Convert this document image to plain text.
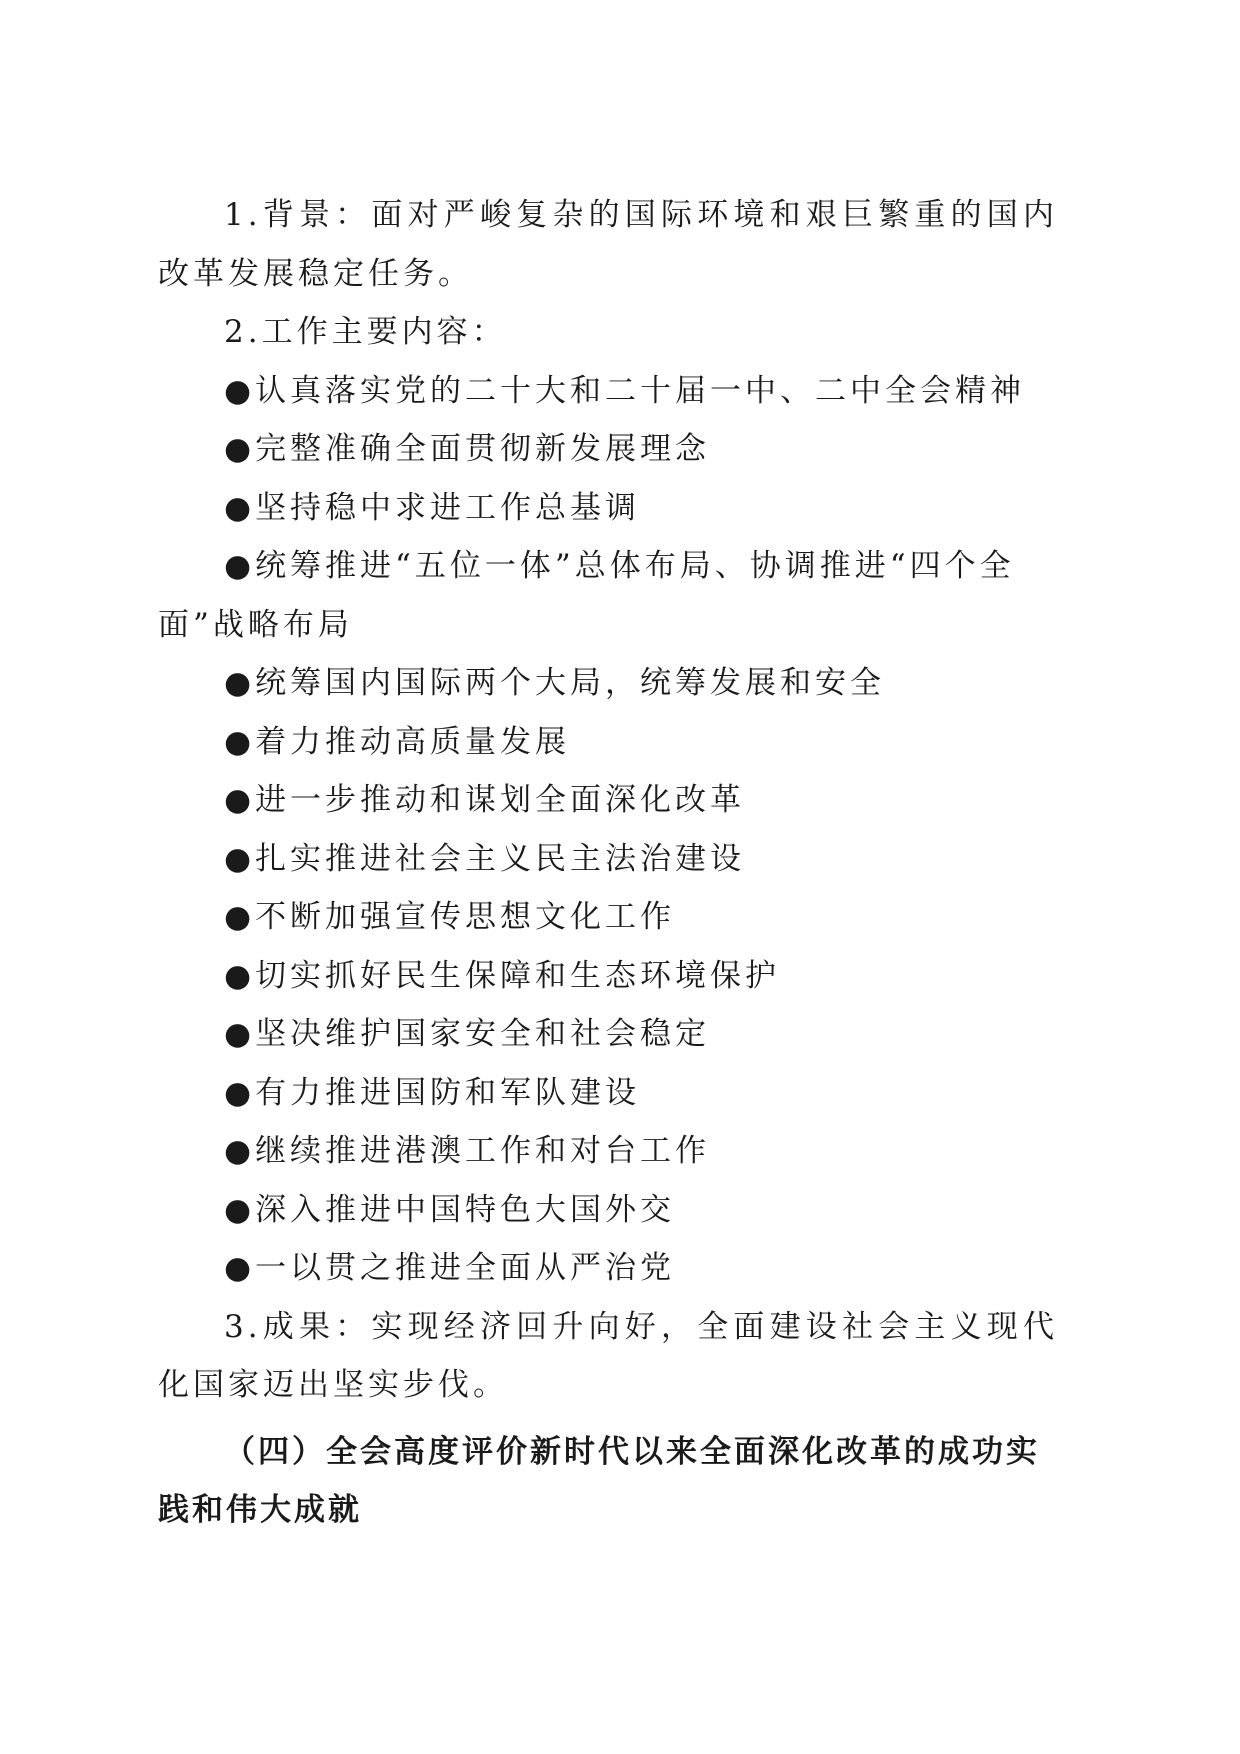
1.背景：面对严峻复杂的国际环境和艰巨繁重的国内改革发展稳定任务。

2.工作主要内容：

● 认真落实党的二十大和二十届一中、二中全会精神

● 完整准确全面贯彻新发展理念

● 坚持稳中求进工作总基调

● 统筹推进“五位一体”总体布局、协调推进“四个全面”战略布局

● 统筹国内国际两个大局，统筹发展和安全

● 着力推动高质量发展

● 进一步推动和谋划全面深化改革

● 扎实推进社会主义民主法治建设

● 不断加强宣传思想文化工作

● 切实抓好民生保障和生态环境保护

● 坚决维护国家安全和社会稳定

● 有力推进国防和军队建设

● 继续推进港澳工作和对台工作

● 深入推进中国特色大国外交

● 一以贯之推进全面从严治党

3.成果：实现经济回升向好，全面建设社会主义现代化国家迈出坚实步伐。

（四）全会高度评价新时代以来全面深化改革的成功实践和伟大成就
